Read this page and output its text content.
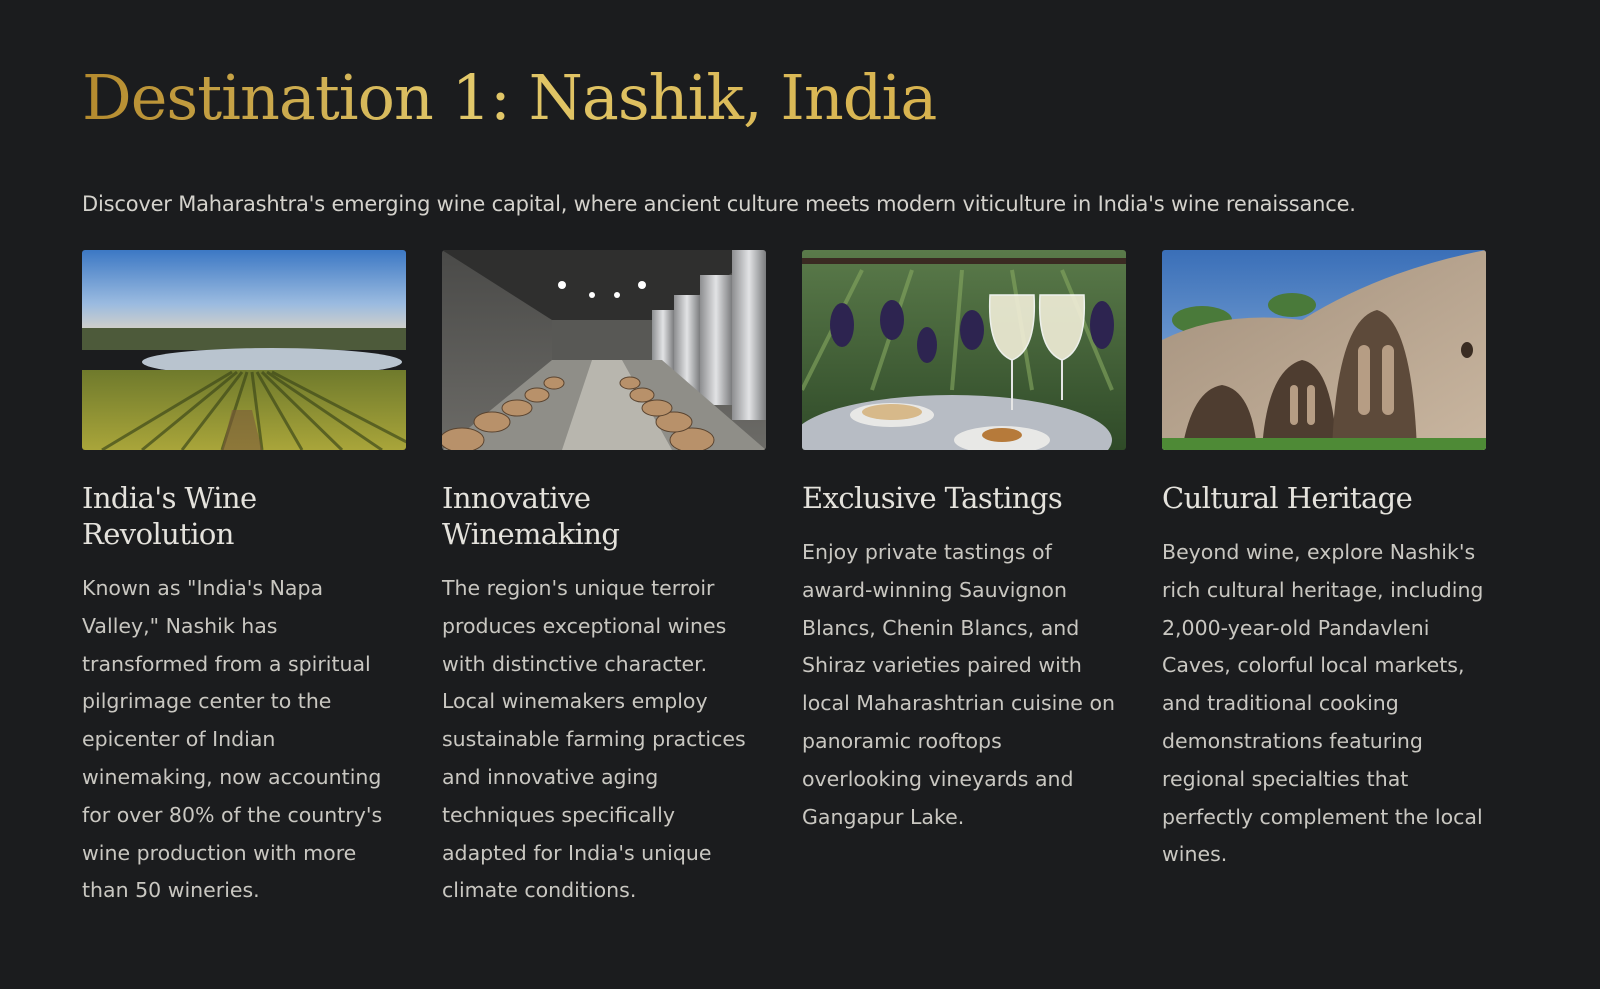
Destination 1: Nashik, India

Discover Maharashtra's emerging wine capital, where ancient culture meets modern viticulture in India's wine renaissance.

India's Wine Revolution

Known as "India's Napa Valley," Nashik has transformed from a spiritual pilgrimage center to the epicenter of Indian winemaking, now accounting for over 80% of the country's wine production with more than 50 wineries.

Innovative Winemaking

The region's unique terroir produces exceptional wines with distinctive character. Local winemakers employ sustainable farming practices and innovative aging techniques specifically adapted for India's unique climate conditions.

Exclusive Tastings

Enjoy private tastings of award-winning Sauvignon Blancs, Chenin Blancs, and Shiraz varieties paired with local Maharashtrian cuisine on panoramic rooftops overlooking vineyards and Gangapur Lake.

Cultural Heritage

Beyond wine, explore Nashik's rich cultural heritage, including 2,000-year-old Pandavleni Caves, colorful local markets, and traditional cooking demonstrations featuring regional specialties that perfectly complement the local wines.
